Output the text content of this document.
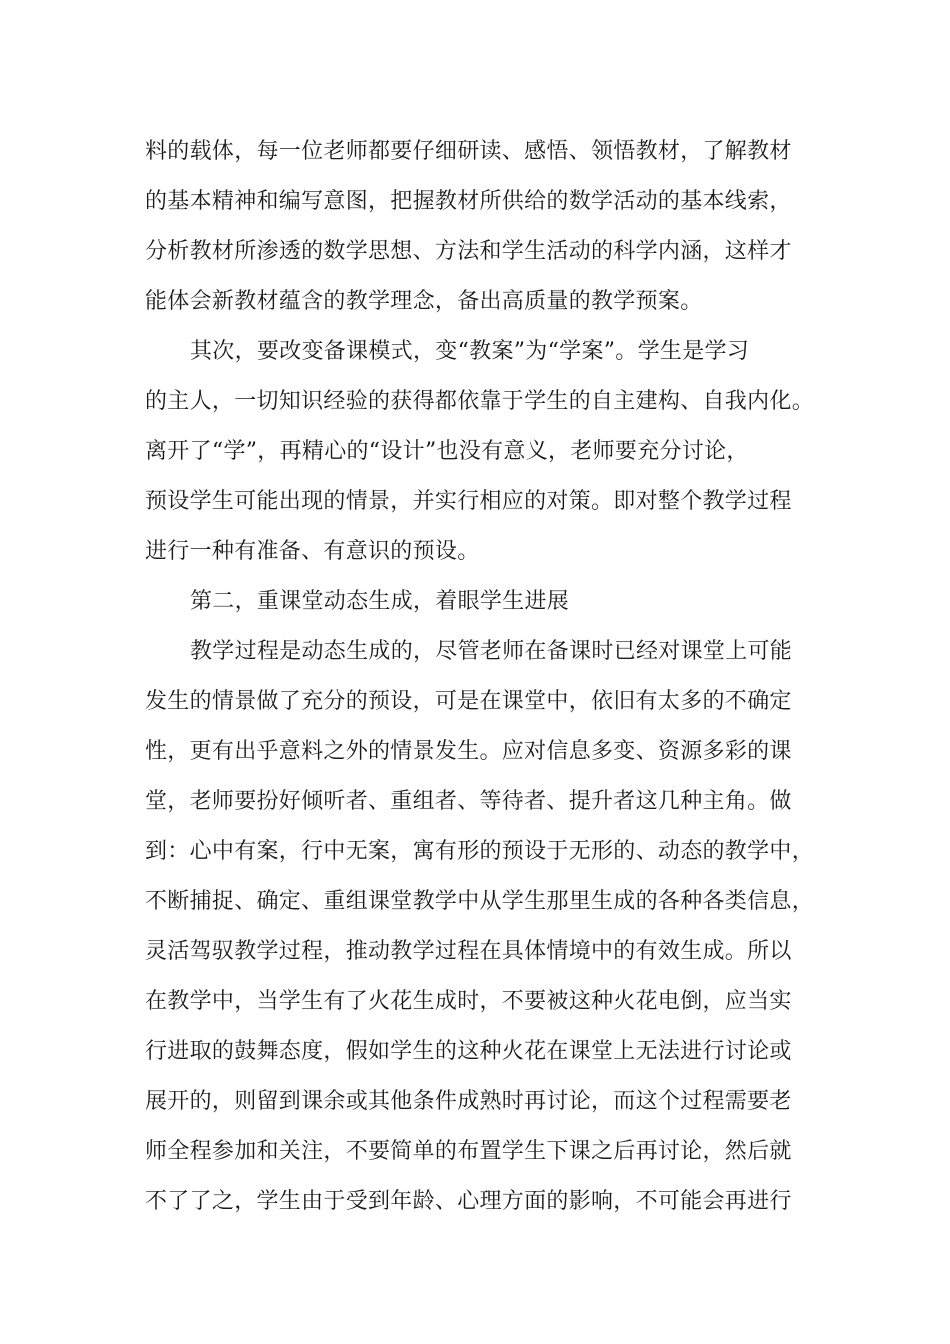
料的载体，每一位老师都要仔细研读、感悟、领悟教材，了解教材
的基本精神和编写意图，把握教材所供给的数学活动的基本线索，
分析教材所渗透的数学思想、方法和学生活动的科学内涵，这样才
能体会新教材蕴含的教学理念，备出高质量的教学预案。
其次，要改变备课模式，变“教案”为“学案”。学生是学习
的主人，一切知识经验的获得都依靠于学生的自主建构、自我内化。
离开了“学”，再精心的“设计”也没有意义，老师要充分讨论，
预设学生可能出现的情景，并实行相应的对策。即对整个教学过程
进行一种有准备、有意识的预设。
第二，重课堂动态生成，着眼学生进展
教学过程是动态生成的，尽管老师在备课时已经对课堂上可能
发生的情景做了充分的预设，可是在课堂中，依旧有太多的不确定
性，更有出乎意料之外的情景发生。应对信息多变、资源多彩的课
堂，老师要扮好倾听者、重组者、等待者、提升者这几种主角。做
到：心中有案，行中无案，寓有形的预设于无形的、动态的教学中，
不断捕捉、确定、重组课堂教学中从学生那里生成的各种各类信息，
灵活驾驭教学过程，推动教学过程在具体情境中的有效生成。所以
在教学中，当学生有了火花生成时，不要被这种火花电倒，应当实
行进取的鼓舞态度，假如学生的这种火花在课堂上无法进行讨论或
展开的，则留到课余或其他条件成熟时再讨论，而这个过程需要老
师全程参加和关注，不要简单的布置学生下课之后再讨论，然后就
不了了之，学生由于受到年龄、心理方面的影响，不可能会再进行
